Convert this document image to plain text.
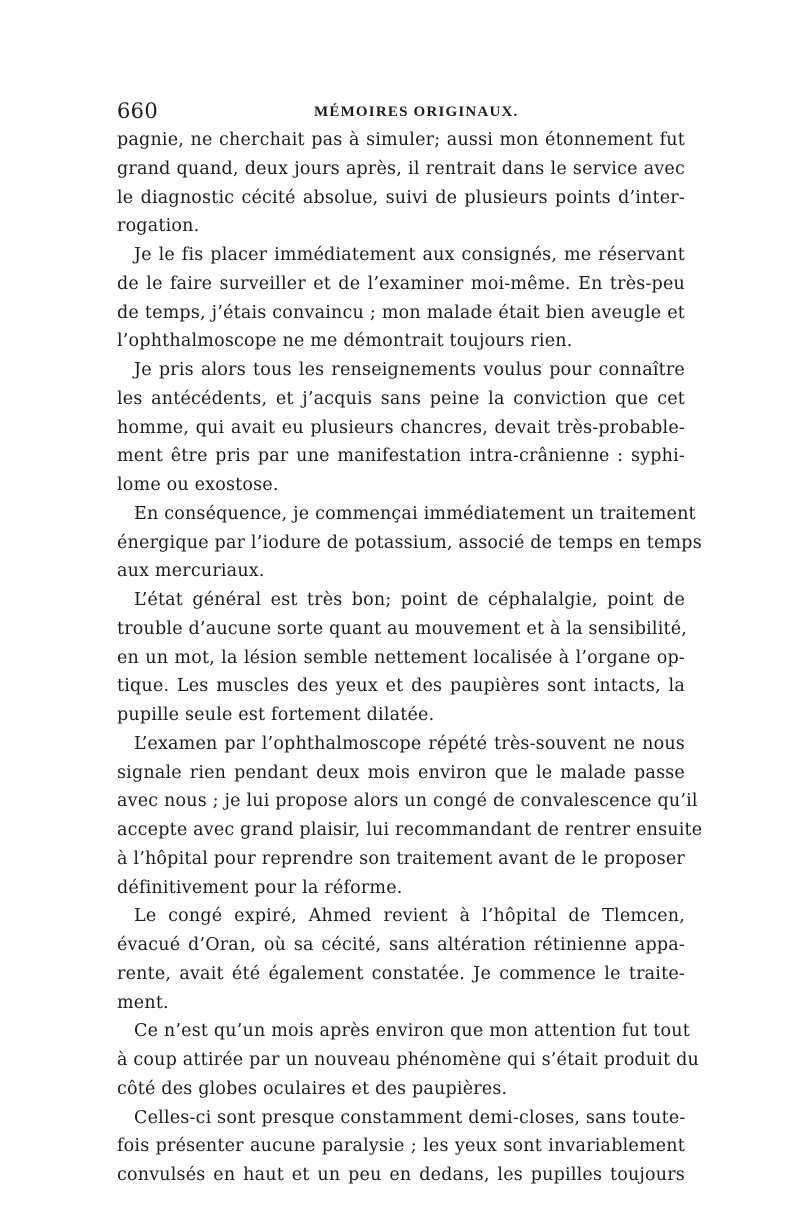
660	MÉMOIRES ORIGINAUX.
pagnie, ne cherchait pas à simuler; aussi mon étonnement fut
grand quand, deux jours après, il rentrait dans le service avec
le diagnostic cécité absolue, suivi de plusieurs points d’inter-
rogation.
Je le fis placer immédiatement aux consignés, me réservant
de le faire surveiller et de l’examiner moi-même. En très-peu
de temps, j’étais convaincu ; mon malade était bien aveugle et
l’ophthalmoscope ne me démontrait toujours rien.
Je pris alors tous les renseignements voulus pour connaître
les antécédents, et j’acquis sans peine la conviction que cet
homme, qui avait eu plusieurs chancres, devait très-probable-
ment être pris par une manifestation intra-crânienne : syphi-
lome ou exostose.
En conséquence, je commençai immédiatement un traitement
énergique par l’iodure de potassium, associé de temps en temps
aux mercuriaux.
L’état général est très bon; point de céphalalgie, point de
trouble d’aucune sorte quant au mouvement et à la sensibilité,
en un mot, la lésion semble nettement localisée à l’organe op-
tique. Les muscles des yeux et des paupières sont intacts, la
pupille seule est fortement dilatée.
L’examen par l’ophthalmoscope répété très-souvent ne nous
signale rien pendant deux mois environ que le malade passe
avec nous ; je lui propose alors un congé de convalescence qu’il
accepte avec grand plaisir, lui recommandant de rentrer ensuite
à l’hôpital pour reprendre son traitement avant de le proposer
définitivement pour la réforme.
Le congé expiré, Ahmed revient à l’hôpital de Tlemcen,
évacué d’Oran, où sa cécité, sans altération rétinienne appa-
rente, avait été également constatée. Je commence le traite-
ment.
Ce n’est qu’un mois après environ que mon attention fut tout
à coup attirée par un nouveau phénomène qui s’était produit du
côté des globes oculaires et des paupières.
Celles-ci sont presque constamment demi-closes, sans toute-
fois présenter aucune paralysie ; les yeux sont invariablement
convulsés en haut et un peu en dedans, les pupilles toujours
